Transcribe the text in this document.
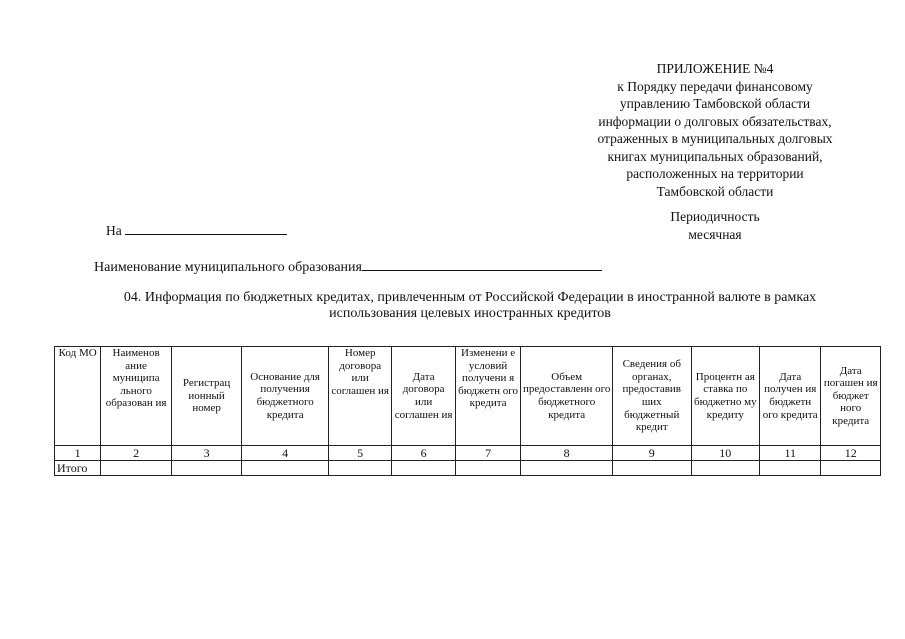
ПРИЛОЖЕНИЕ №4
к Порядку передачи финансовому
управлению Тамбовской области
информации о долговых обязательствах,
отраженных в муниципальных долговых
книгах муниципальных образований,
расположенных на территории
Тамбовской области
Периодичность
месячная
На
Наименование муниципального образования
04. Информация по бюджетных кредитах, привлеченным от Российской Федерации в иностранной валюте в рамках
использования целевых иностранных кредитов
Код МО	Наименов ание муниципа льного образован ия	Регистрац ионный номер	Основание для получения бюджетного кредита	Номер договора или соглашен ия	Дата договора или соглашен ия	Изменени е условий получени я бюджетн ого кредита	Объем предоставленн ого бюджетного кредита	Сведения об органах, предоставив ших бюджетный кредит	Процентн ая ставка по бюджетно му кредиту	Дата получен ия бюджетн ого кредита	Дата погашен ия бюджет ного кредита
1	2	3	4	5	6	7	8	9	10	11	12
Итого											
